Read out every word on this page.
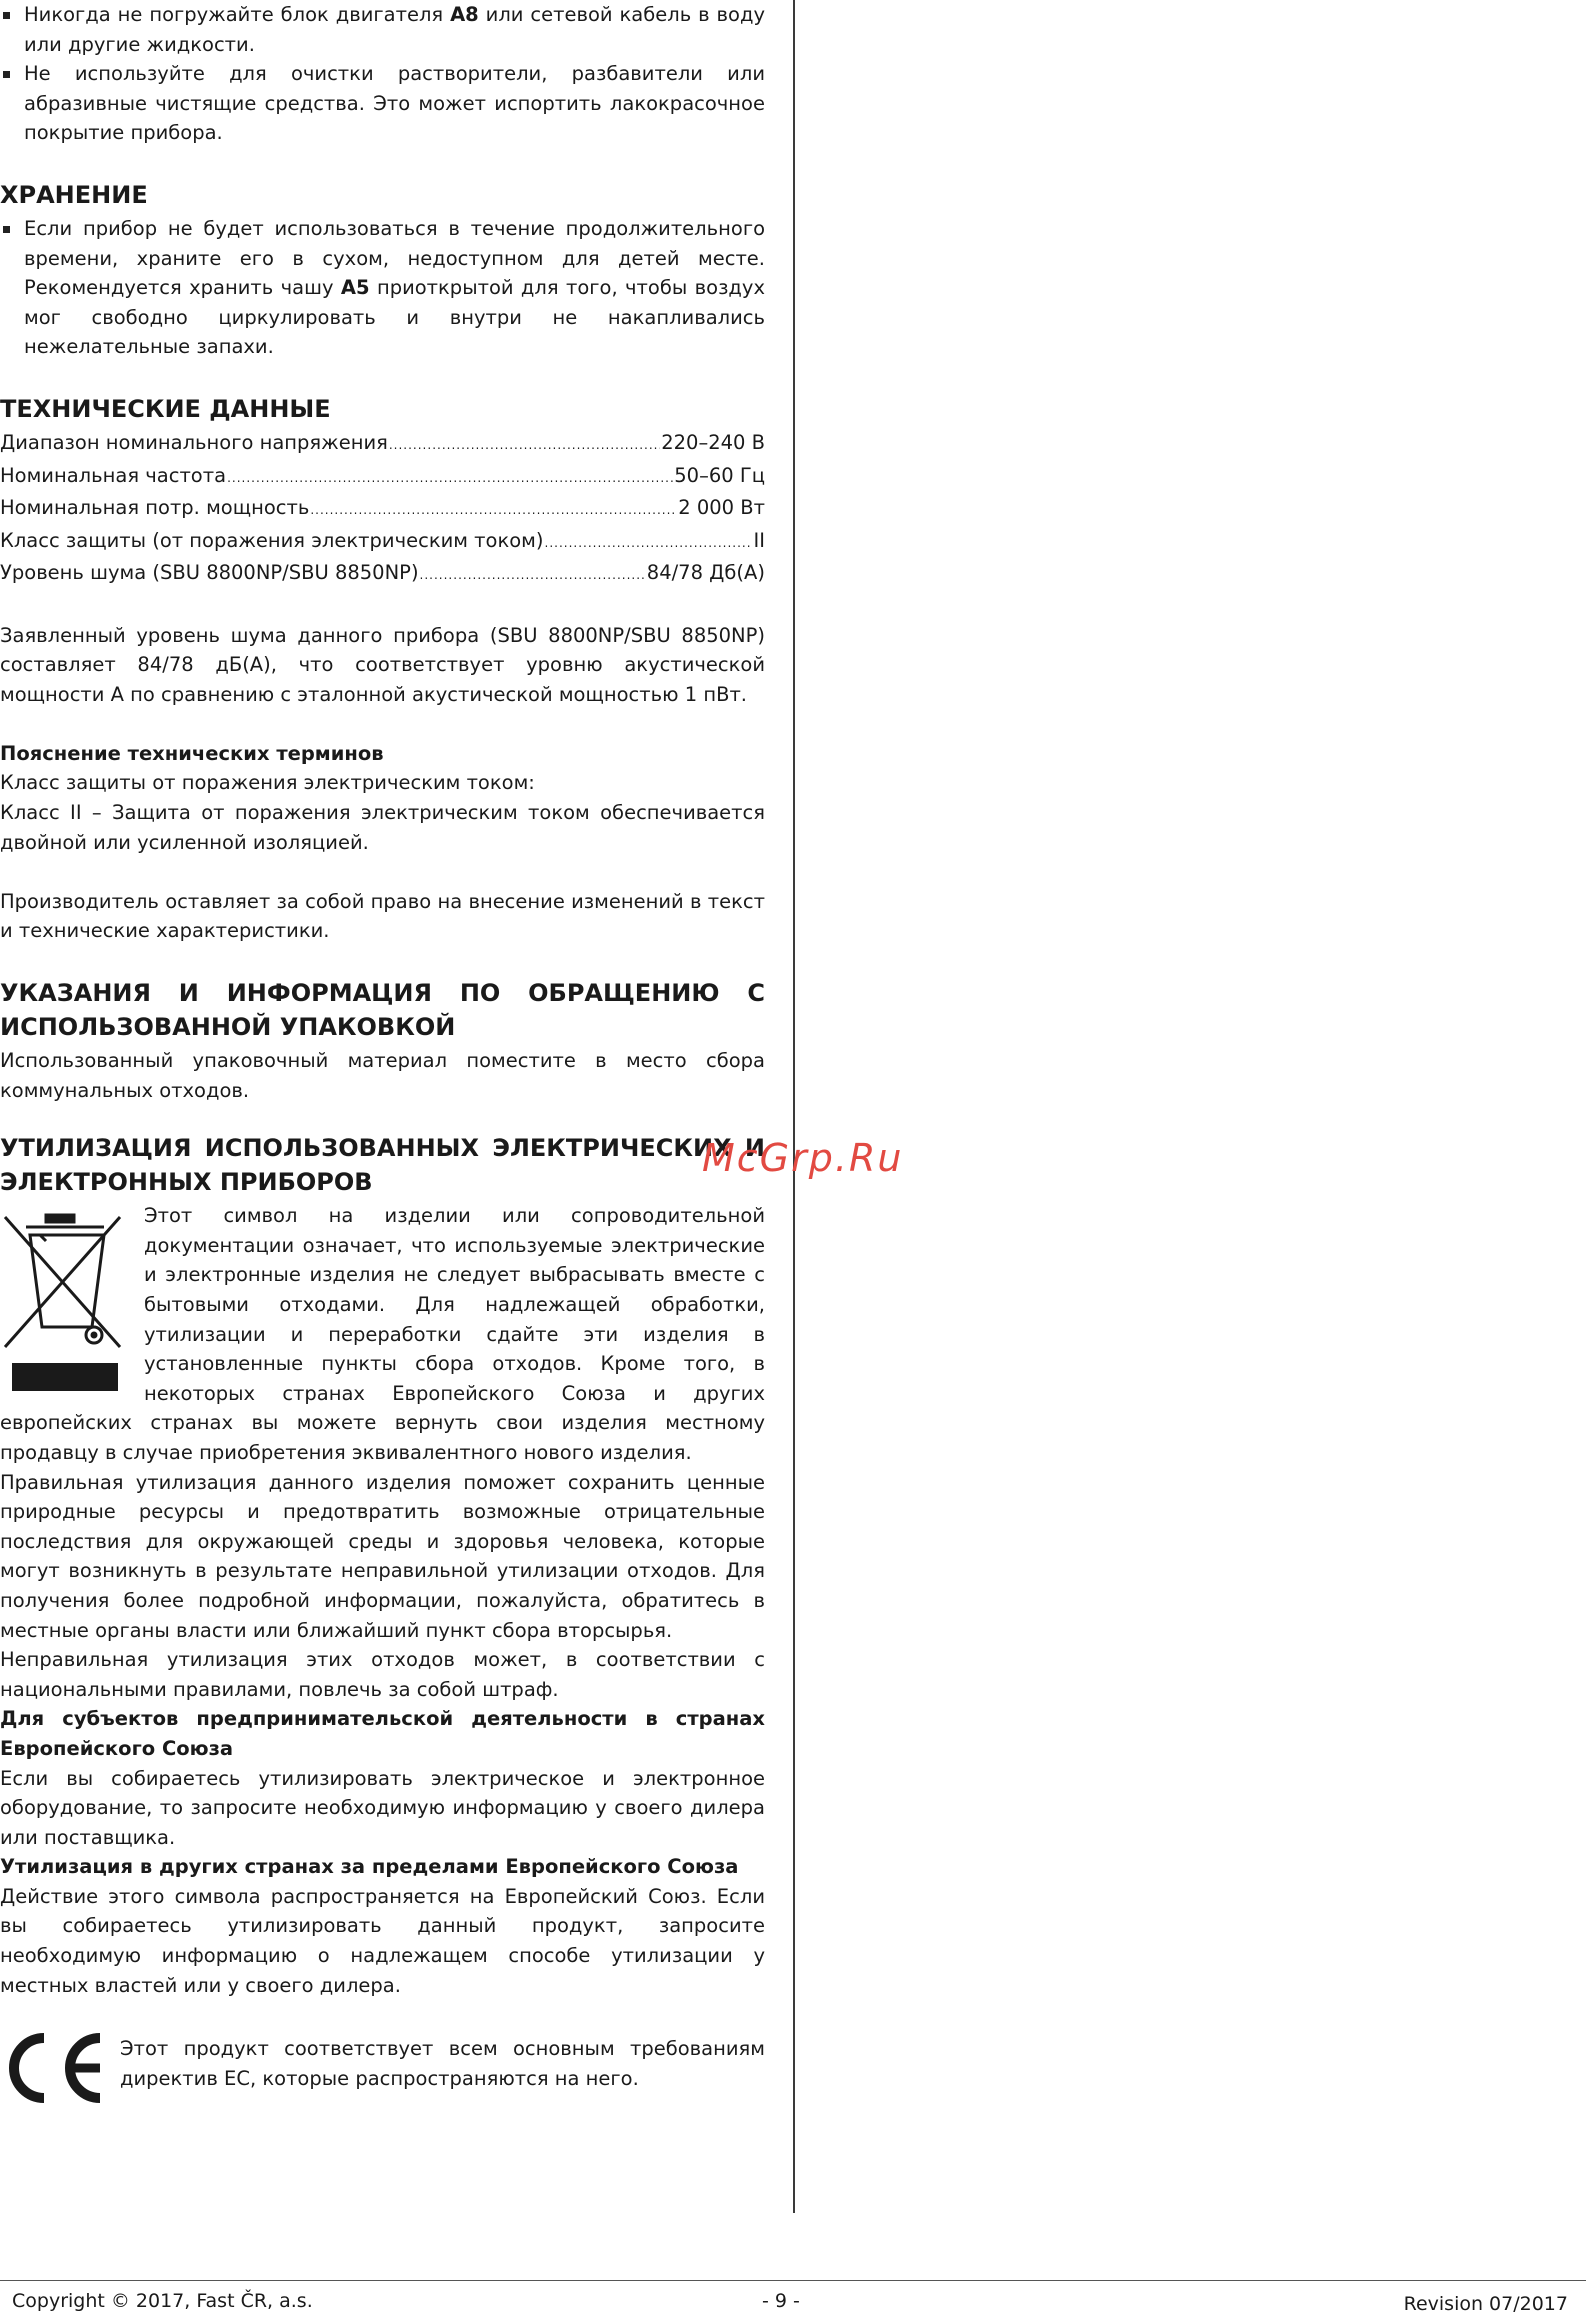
Никогда не погружайте блок двигателя A8 или сетевой кабель в воду или другие жидкости.
Не используйте для очистки растворители, разбавители или абразивные чистящие средства. Это может испортить лакокрасочное покрытие прибора.
ХРАНЕНИЕ
Если прибор не будет использоваться в течение продолжительного времени, храните его в сухом, недоступном для детей месте. Рекомендуется хранить чашу A5 приоткрытой для того, чтобы воздух мог свободно циркулировать и внутри не накапливались нежелательные запахи.
ТЕХНИЧЕСКИЕ ДАННЫЕ
Диапазон номинального напряжения .....	220–240 В
Номинальная частота .....	50–60 Гц
Номинальная потр. мощность .....	2 000 Вт
Класс защиты (от поражения электрическим током) .....	II
Уровень шума (SBU 8800NP/SBU 8850NP) .....	84/78 Дб(A)
Заявленный уровень шума данного прибора (SBU 8800NP/SBU 8850NP) составляет 84/78 дБ(A), что соответствует уровню акустической мощности A по сравнению с эталонной акустической мощностью 1 пВт.
Пояснение технических терминов
Класс защиты от поражения электрическим током:
Класс II – Защита от поражения электрическим током обеспечивается двойной или усиленной изоляцией.
Производитель оставляет за собой право на внесение изменений в текст и технические характеристики.
УКАЗАНИЯ И ИНФОРМАЦИЯ ПО ОБРАЩЕНИЮ С ИСПОЛЬЗОВАННОЙ УПАКОВКОЙ
Использованный упаковочный материал поместите в место сбора коммунальных отходов.
УТИЛИЗАЦИЯ ИСПОЛЬЗОВАННЫХ ЭЛЕКТРИЧЕСКИХ И ЭЛЕКТРОННЫХ ПРИБОРОВ
Этот символ на изделии или сопроводительной документации означает, что используемые электрические и электронные изделия не следует выбрасывать вместе с бытовыми отходами. Для надлежащей обработки, утилизации и переработки сдайте эти изделия в установленные пункты сбора отходов. Кроме того, в некоторых странах Европейского Союза и других европейских странах вы можете вернуть свои изделия местному продавцу в случае приобретения эквивалентного нового изделия.
Правильная утилизация данного изделия поможет сохранить ценные природные ресурсы и предотвратить возможные отрицательные последствия для окружающей среды и здоровья человека, которые могут возникнуть в результате неправильной утилизации отходов. Для получения более подробной информации, пожалуйста, обратитесь в местные органы власти или ближайший пункт сбора вторсырья.
Неправильная утилизация этих отходов может, в соответствии с национальными правилами, повлечь за собой штраф.
Для субъектов предпринимательской деятельности в странах Европейского Союза
Если вы собираетесь утилизировать электрическое и электронное оборудование, то запросите необходимую информацию у своего дилера или поставщика.
Утилизация в других странах за пределами Европейского Союза
Действие этого символа распространяется на Европейский Союз. Если вы собираетесь утилизировать данный продукт, запросите необходимую информацию о надлежащем способе утилизации у местных властей или у своего дилера.
Этот продукт соответствует всем основным требованиям директив ЕС, которые распространяются на него.
McGrp.Ru
Copyright © 2017, Fast ČR, a.s.	- 9 -	Revision 07/2017
